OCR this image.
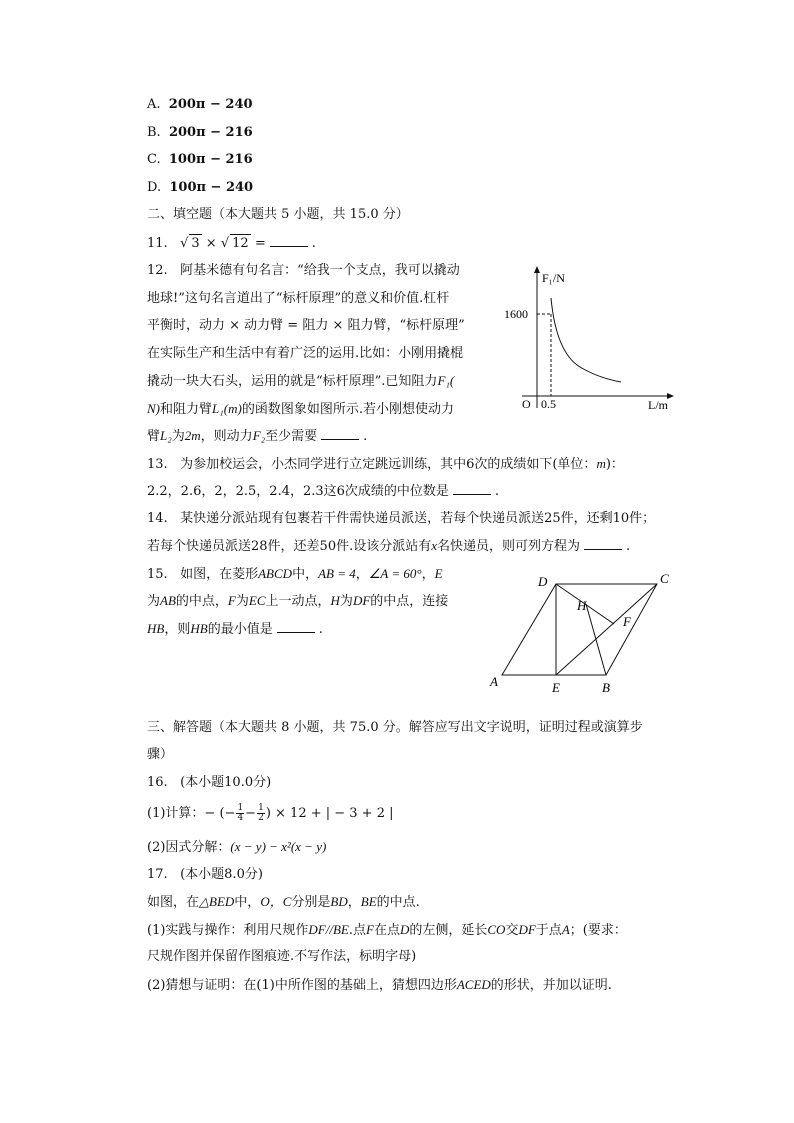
A. 200π − 240
B. 200π − 216
C. 100π − 216
D. 100π − 240
二、填空题（本大题共 5 小题，共 15.0 分）
11.   √ 3 × √ 12 =	.
12. 阿基米德有句名言：“给我一个支点，我可以撬动
地球!”这句名言道出了“标杆原理”的意义和价值.杠杆
平衡时，动力 × 动力臂 = 阻力 × 阻力臂，“标杆原理”
在实际生产和生活中有着广泛的运用.比如：小刚用撬棍
撬动一块大石头，运用的就是“标杆原理”.已知阻力F₁(
N)和阻力臂L₁(m)的函数图象如图所示.若小刚想使动力
臂L₂为2m，则动力F₂至少需要	.
F₁/N
1600
O 0.5	L/m
13. 为参加校运会，小杰同学进行立定跳远训练，其中6次的成绩如下(单位：m)：
2.2，2.6，2，2.5，2.4，2.3这6次成绩的中位数是	.
14. 某快递分派站现有包裹若干件需快递员派送，若每个快递员派送25件，还剩10件；
若每个快递员派送28件，还差50件.设该分派站有x名快递员，则可列方程为	.
15. 如图，在菱形ABCD中，AB = 4，∠A = 60°，E
为AB的中点，F为EC上一动点，H为DF的中点，连接
HB，则HB的最小值是	.
A	E	B
C
D
H
F
三、解答题（本大题共 8 小题，共 75.0 分。解答应写出文字说明，证明过程或演算步
骤）
16. (本小题10.0分)
(1)计算：− (− $\frac{1}{4} - \frac{1}{2}$ ) × 12 + | − 3 + 2 |
(2)因式分解：(x − y) − x²(x − y)
17. (本小题8.0分)
如图，在△BED中，O，C分别是BD，BE的中点.
(1)实践与操作：利用尺规作DF//BE.点F在点D的左侧，延长CO交DF于点A；(要求：
尺规作图并保留作图痕迹.不写作法，标明字母)
(2)猜想与证明：在(1)中所作图的基础上，猜想四边形ACED的形状，并加以证明.
